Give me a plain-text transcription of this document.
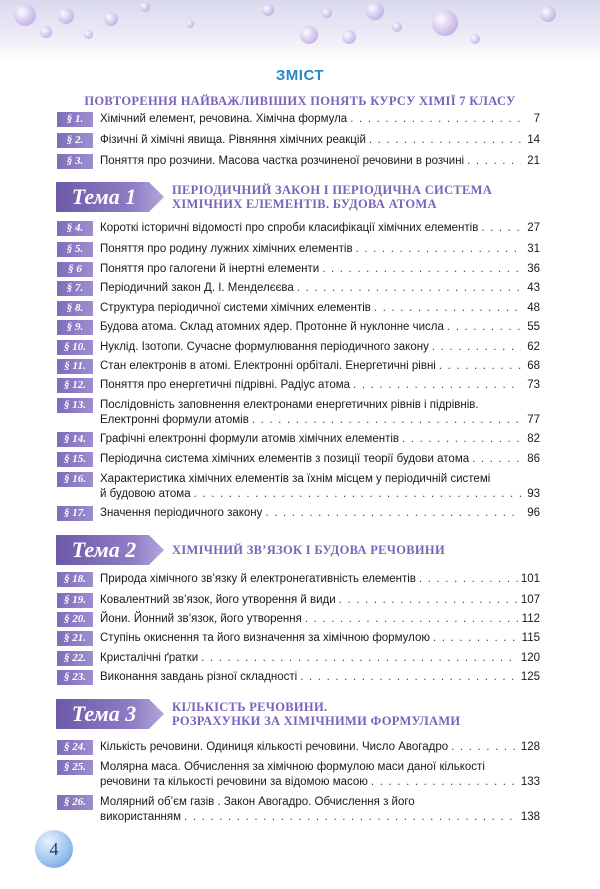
ЗМІСТ
ПОВТОРЕННЯ НАЙВАЖЛИВІШИХ ПОНЯТЬ КУРСУ ХІМІЇ 7 КЛАСУ
§ 1.	Хімічний елемент, речовина. Хімічна формула . . .	7
§ 2.	Фізичні й хімічні явища. Рівняння хімічних реакцій . . .	14
§ 3.	Поняття про розчини. Масова частка розчиненої речовини в розчині . . .	21
Тема 1	ПЕРІОДИЧНИЙ ЗАКОН І ПЕРІОДИЧНА СИСТЕМА
ХІМІЧНИХ ЕЛЕМЕНТІВ. БУДОВА АТОМА
§ 4.	Короткі історичні відомості про спроби класифікації хімічних елементів . . .	27
§ 5.	Поняття про родину лужних хімічних елементів . . .	31
§ 6	Поняття про галогени й інертні елементи . . .	36
§ 7.	Періодичний закон Д. І. Менделєєва . . .	43
§ 8.	Структура періодичної системи хімічних елементів . . .	48
§ 9.	Будова атома. Склад атомних ядер. Протонне й нуклонне числа . . .	55
§ 10.	Нуклід. Ізотопи. Сучасне формулювання періодичного закону . . .	62
§ 11.	Стан електронів в атомі. Електронні орбіталі. Енергетичні рівні . . .	68
§ 12.	Поняття про енергетичні підрівні. Радіус атома . . .	73
§ 13.	Послідовність заповнення електронами енергетичних рівнів і підрівнів.
Електронні формули атомів . . .	77
§ 14.	Графічні електронні формули атомів хімічних елементів . . .	82
§ 15.	Періодична система хімічних елементів з позиції теорії будови атома . . .	86
§ 16.	Характеристика хімічних елементів за їхнім місцем у періодичній системі
й будовою атома . . .	93
§ 17.	Значення періодичного закону . . .	96
Тема 2	ХІМІЧНИЙ ЗВ’ЯЗОК І БУДОВА РЕЧОВИНИ
§ 18.	Природа хімічного зв’язку й електронегативність елементів . . .	101
§ 19.	Ковалентний зв’язок, його утворення й види . . .	107
§ 20.	Йони. Йонний зв’язок, його утворення . . .	112
§ 21.	Ступінь окиснення та його визначення за хімічною формулою . . .	115
§ 22.	Кристалічні ґратки . . .	120
§ 23.	Виконання завдань різної складності . . .	125
Тема 3	КІЛЬКІСТЬ РЕЧОВИНИ.
РОЗРАХУНКИ ЗА ХІМІЧНИМИ ФОРМУЛАМИ
§ 24.	Кількість речовини. Одиниця кількості речовини. Число Авогадро . . .	128
§ 25.	Молярна маса. Обчислення за хімічною формулою маси даної кількості
речовини та кількості речовини за відомою масою . . .	133
§ 26.	Молярний об’єм газів . Закон Авогадро. Обчислення з його
використанням . . .	138
4
